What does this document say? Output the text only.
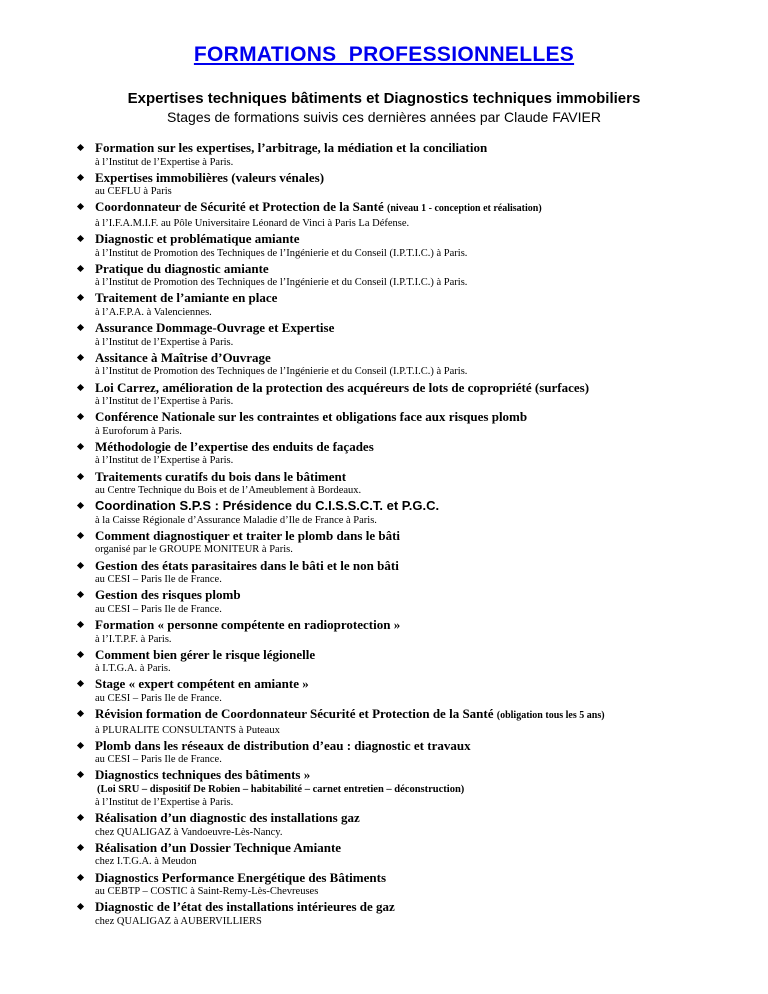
FORMATIONS  PROFESSIONNELLES
Expertises techniques bâtiments et Diagnostics techniques immobiliers
Stages de formations suivis ces dernières années par Claude FAVIER
Formation sur les expertises, l’arbitrage, la médiation et la conciliation
à l’Institut de l’Expertise à Paris.
Expertises immobilières (valeurs vénales)
au CEFLU à Paris
Coordonnateur de Sécurité et Protection de la Santé (niveau 1 - conception et réalisation)
à l’I.F.A.M.I.F. au Pôle Universitaire Léonard de Vinci à Paris La Défense.
Diagnostic et problématique amiante
à l’Institut de Promotion des Techniques de l’Ingénierie et du Conseil (I.P.T.I.C.) à Paris.
Pratique du diagnostic amiante
à l’Institut de Promotion des Techniques de l’Ingénierie et du Conseil (I.P.T.I.C.) à Paris.
Traitement de l’amiante en place
à l’A.F.P.A. à Valenciennes.
Assurance Dommage-Ouvrage et Expertise
à l’Institut de l’Expertise à Paris.
Assitance à Maîtrise d’Ouvrage
à l’Institut de Promotion des Techniques de l’Ingénierie et du Conseil (I.P.T.I.C.) à Paris.
Loi Carrez, amélioration de la protection des acquéreurs de lots de copropriété (surfaces)
à l’Institut de l’Expertise à Paris.
Conférence Nationale sur les contraintes et obligations face aux risques plomb
à Euroforum à Paris.
Méthodologie de l’expertise des enduits de façades
à l’Institut de l’Expertise à Paris.
Traitements curatifs du bois dans le bâtiment
au Centre Technique du Bois et de l’Ameublement à Bordeaux.
Coordination S.P.S : Présidence du C.I.S.S.C.T. et P.G.C.
à la Caisse Régionale d’Assurance Maladie d’Ile de France à Paris.
Comment diagnostiquer et traiter le plomb dans le bâti
organisé par le GROUPE MONITEUR à Paris.
Gestion des états parasitaires dans le bâti et le non bâti
au CESI – Paris Ile de France.
Gestion des risques plomb
au CESI – Paris Ile de France.
Formation « personne compétente en radioprotection »
à l’I.T.P.F. à Paris.
Comment bien gérer le risque légionelle
à I.T.G.A. à Paris.
Stage « expert compétent en amiante »
au CESI – Paris Ile de France.
Révision formation de Coordonnateur Sécurité et Protection de la Santé (obligation tous les 5 ans)
à PLURALITE CONSULTANTS à Puteaux
Plomb dans les réseaux de distribution d’eau : diagnostic et travaux
au CESI – Paris Ile de France.
Diagnostics techniques des bâtiments »
(Loi SRU – dispositif De Robien – habitabilité – carnet entretien – déconstruction)
à l’Institut de l’Expertise à Paris.
Réalisation d’un diagnostic des installations gaz
chez QUALIGAZ à Vandoeuvre-Lès-Nancy.
Réalisation d’un Dossier Technique Amiante
chez I.T.G.A. à Meudon
Diagnostics Performance Energétique des Bâtiments
au CEBTP – COSTIC à Saint-Remy-Lès-Chevreuses
Diagnostic de l’état des installations intérieures de gaz
chez QUALIGAZ à AUBERVILLIERS
